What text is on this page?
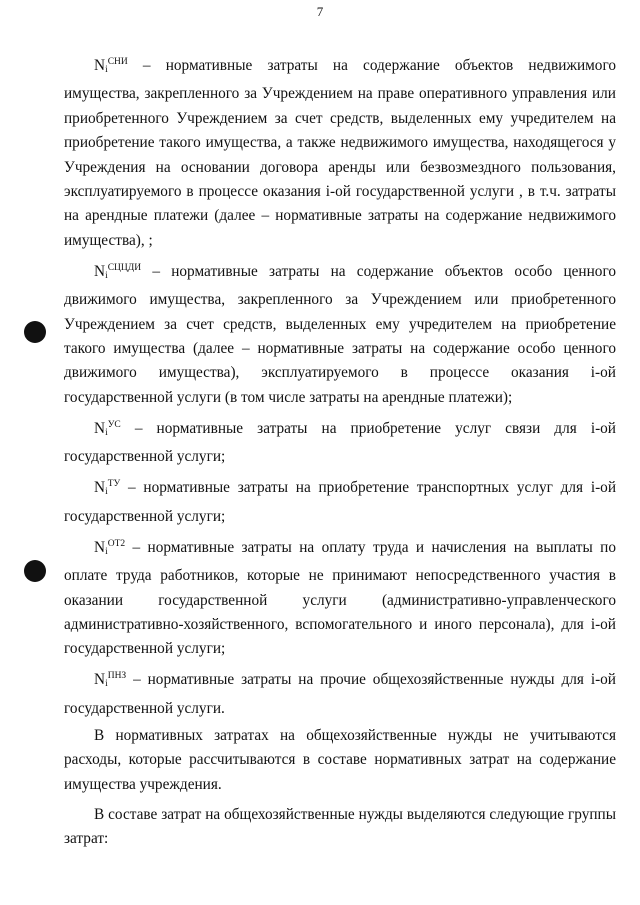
7

$N_i^{СНИ}$ – нормативные затраты на содержание объектов недвижимого имущества, закрепленного за Учреждением на праве оперативного управления или приобретенного Учреждением за счет средств, выделенных ему учредителем на приобретение такого имущества, а также недвижимого имущества, находящегося у Учреждения на основании договора аренды или безвозмездного пользования, эксплуатируемого в процессе оказания i-ой государственной услуги , в т.ч. затраты на арендные платежи (далее – нормативные затраты на содержание недвижимого имущества), ;

$N_i^{СЦЦДИ}$ – нормативные затраты на содержание объектов особо ценного движимого имущества, закрепленного за Учреждением или приобретенного Учреждением за счет средств, выделенных ему учредителем на приобретение такого имущества (далее – нормативные затраты на содержание особо ценного движимого имущества), эксплуатируемого в процессе оказания i-ой государственной услуги (в том числе затраты на арендные платежи);

$N_i^{УС}$ – нормативные затраты на приобретение услуг связи для i-ой государственной услуги;

$N_i^{ТУ}$ – нормативные затраты на приобретение транспортных услуг для i-ой государственной услуги;

$N_i^{ОТ2}$ – нормативные затраты на оплату труда и начисления на выплаты по оплате труда работников, которые не принимают непосредственного участия в оказании государственной услуги (административно-управленческого административно-хозяйственного, вспомогательного и иного персонала), для i-ой государственной услуги;

$N_i^{ПНЗ}$ – нормативные затраты на прочие общехозяйственные нужды для i-ой государственной услуги.

В нормативных затратах на общехозяйственные нужды не учитываются расходы, которые рассчитываются в составе нормативных затрат на содержание имущества учреждения.

В составе затрат на общехозяйственные нужды выделяются следующие группы затрат:
